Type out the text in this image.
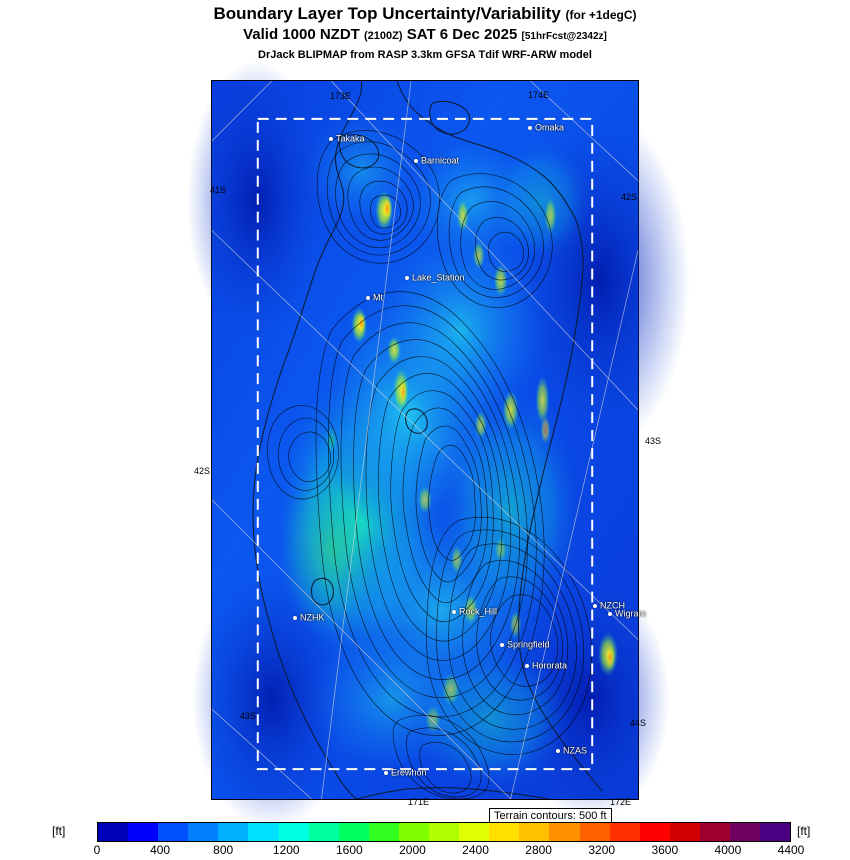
Boundary Layer Top Uncertainty/Variability (for +1degC)
Valid 1000 NZDT (2100Z) SAT 6 Dec 2025 [51hrFcst@2342z]
DrJack BLIPMAP from RASP 3.3km GFSA Tdif WRF-ARW model
Takaka
Omaka
Barnicoat
Lake_Station
Mt
NZHK
Rock_Hill
NZCH
Wigram
Springfield
Hororata
NZAS
Erewhon
173E	174E
41S
42S
43S
44S
42S
43S
171E	172E
Terrain contours: 500 ft
[ft]	[ft]
0	400	800	1200	1600	2000	2400	2800	3200	3600	4000	4400
